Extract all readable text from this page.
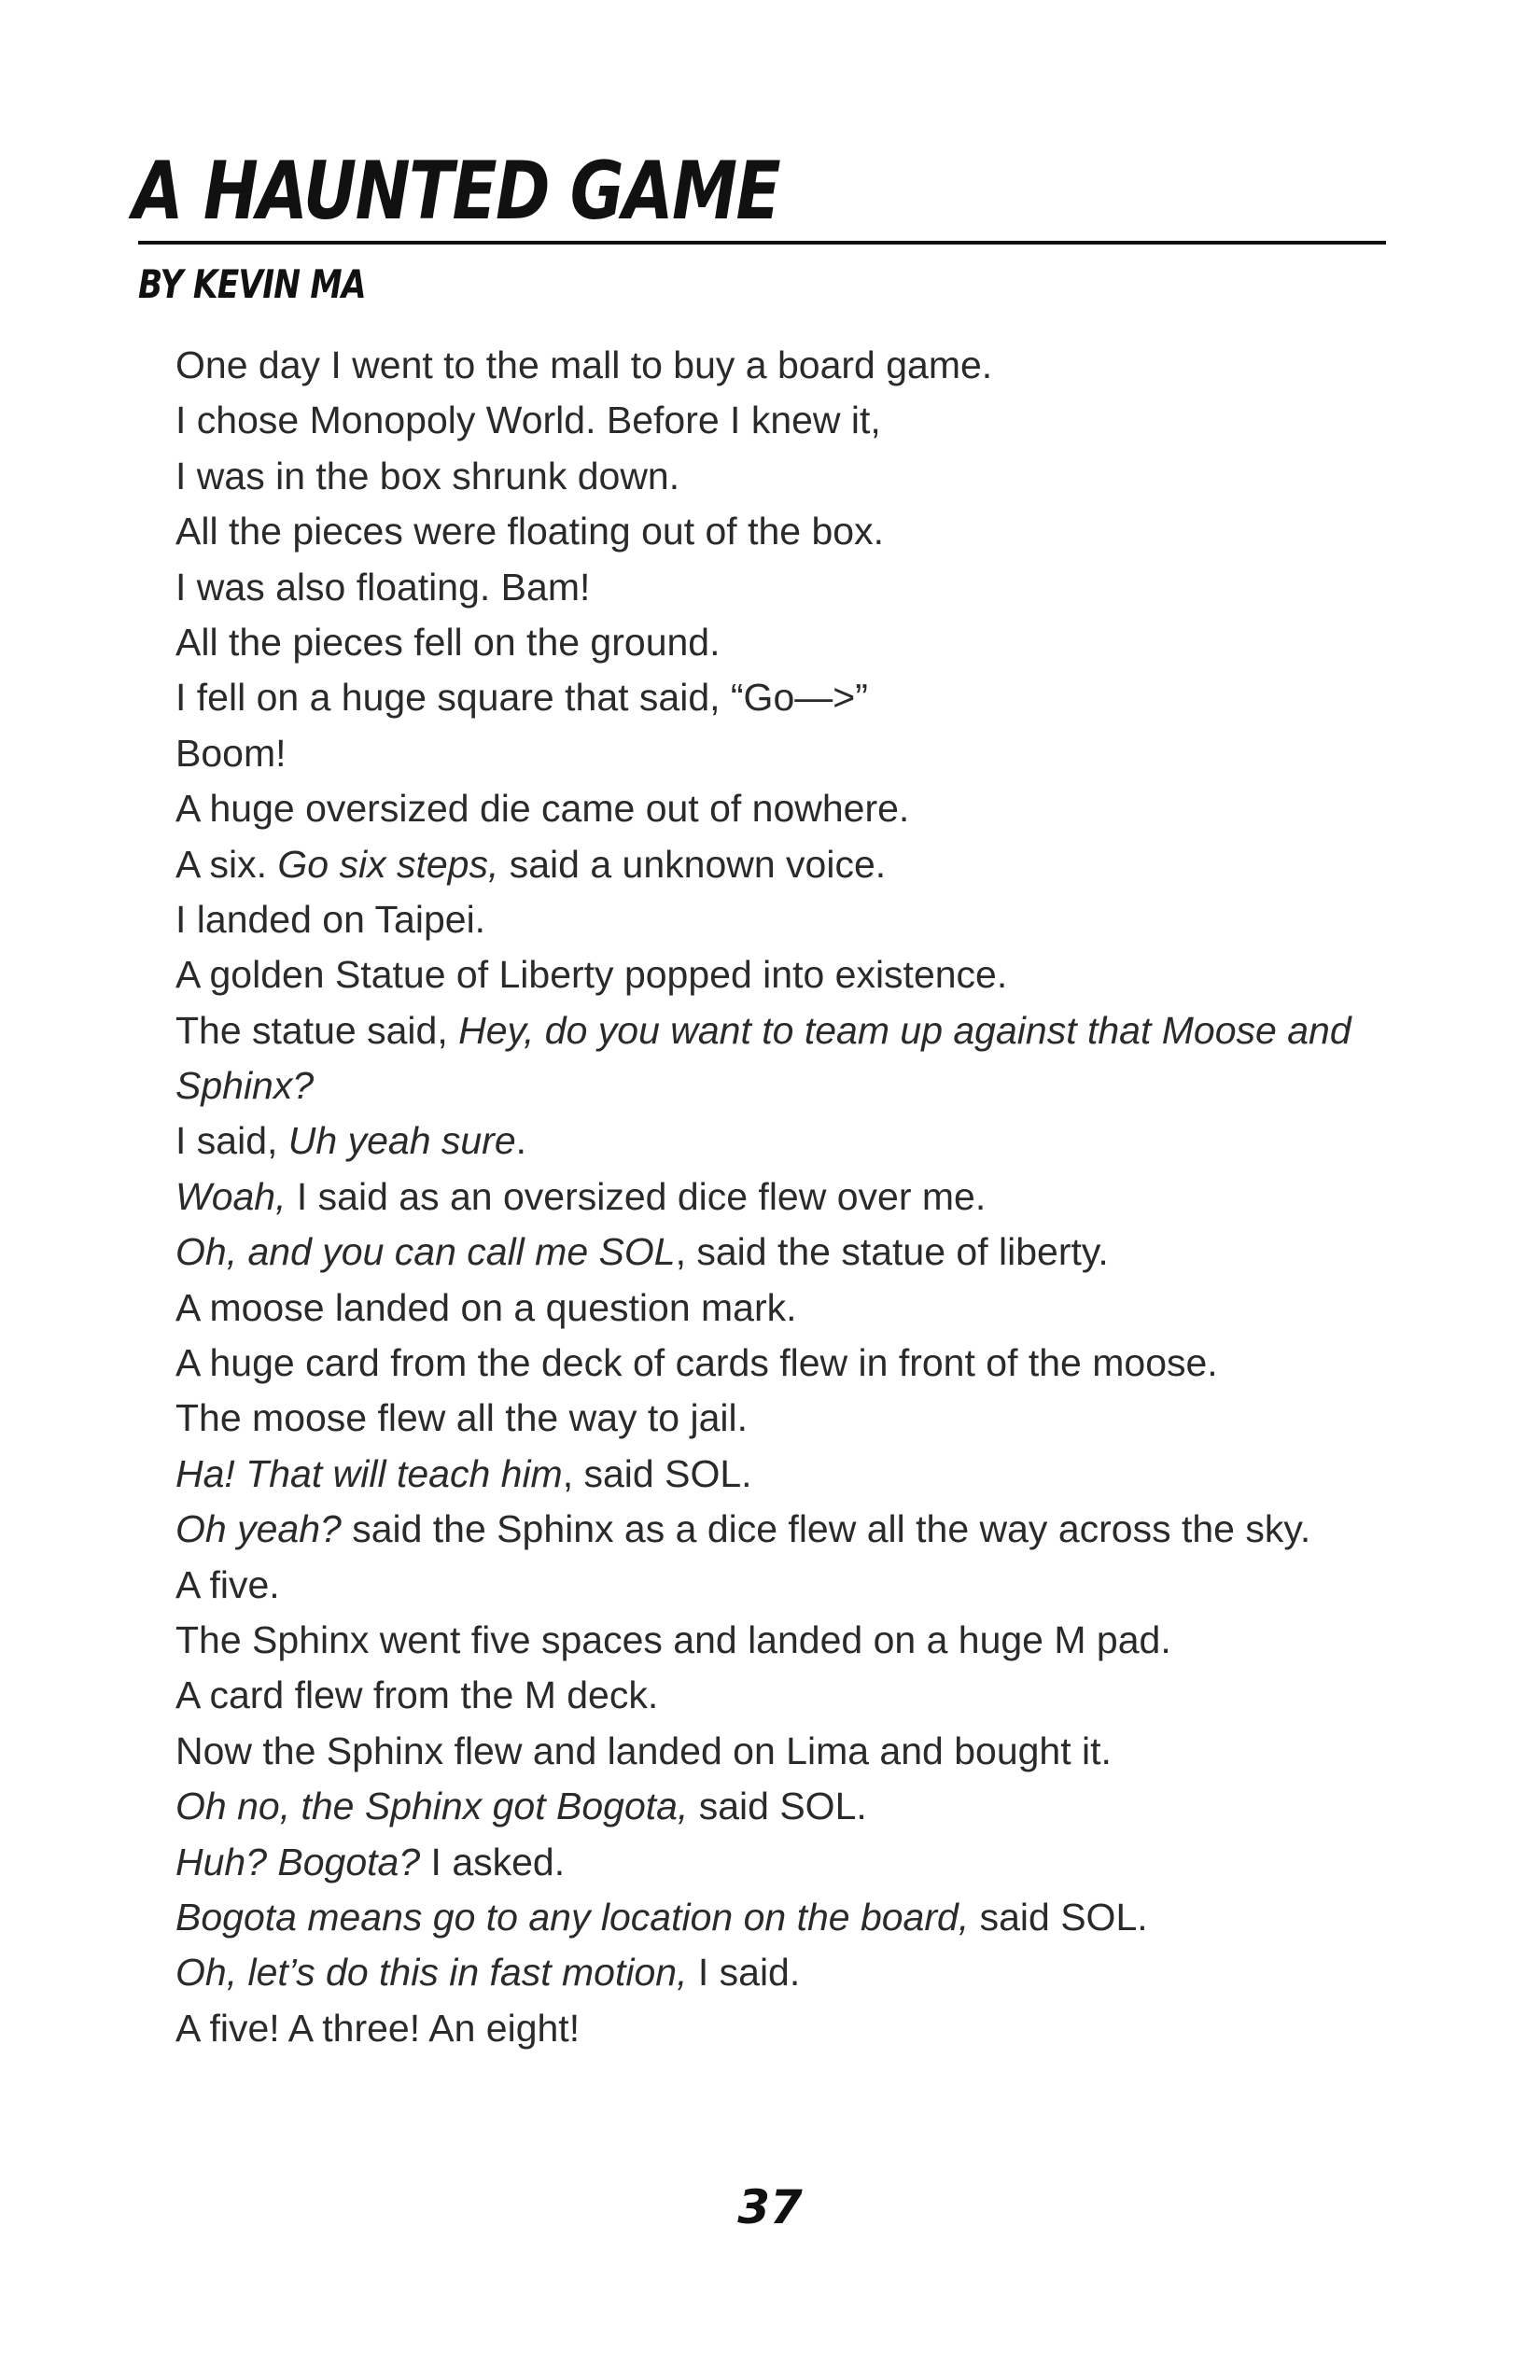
A HAUNTED GAME
BY KEVIN MA
One day I went to the mall to buy a board game.
I chose Monopoly World. Before I knew it,
I was in the box shrunk down.
All the pieces were floating out of the box.
I was also floating. Bam!
All the pieces fell on the ground.
I fell on a huge square that said, “Go—>”
Boom!
A huge oversized die came out of nowhere.
A six. Go six steps, said a unknown voice.
I landed on Taipei.
A golden Statue of Liberty popped into existence.
The statue said, Hey, do you want to team up against that Moose and
Sphinx?
I said, Uh yeah sure.
Woah, I said as an oversized dice flew over me.
Oh, and you can call me SOL, said the statue of liberty.
A moose landed on a question mark.
A huge card from the deck of cards flew in front of the moose.
The moose flew all the way to jail.
Ha! That will teach him, said SOL.
Oh yeah? said the Sphinx as a dice flew all the way across the sky.
A five.
The Sphinx went five spaces and landed on a huge M pad.
A card flew from the M deck.
Now the Sphinx flew and landed on Lima and bought it.
Oh no, the Sphinx got Bogota, said SOL.
Huh? Bogota? I asked.
Bogota means go to any location on the board, said SOL.
Oh, let’s do this in fast motion, I said.
A five! A three! An eight!
37
